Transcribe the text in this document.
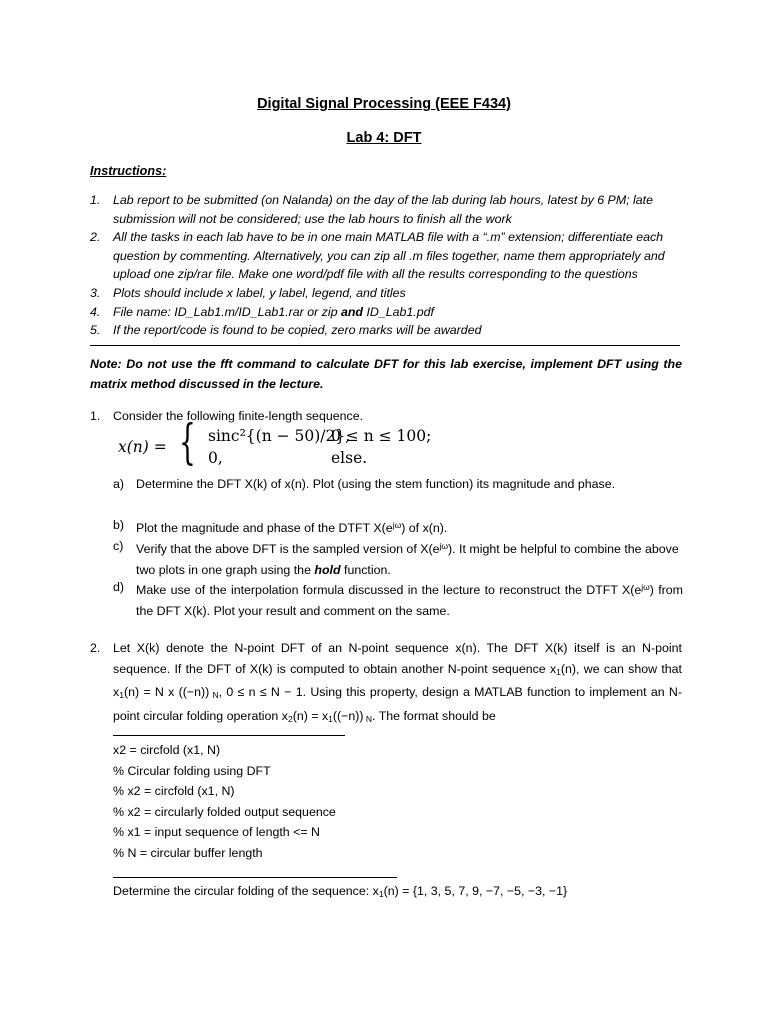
Digital Signal Processing (EEE F434)
Lab 4: DFT
Instructions:
1. Lab report to be submitted (on Nalanda) on the day of the lab during lab hours, latest by 6 PM; late submission will not be considered; use the lab hours to finish all the work
2. All the tasks in each lab have to be in one main MATLAB file with a “.m” extension; differentiate each question by commenting. Alternatively, you can zip all .m files together, name them appropriately and upload one zip/rar file. Make one word/pdf file with all the results corresponding to the questions
3. Plots should include x label, y label, legend, and titles
4. File name: ID_Lab1.m/ID_Lab1.rar or zip and ID_Lab1.pdf
5. If the report/code is found to be copied, zero marks will be awarded
Note: Do not use the fft command to calculate DFT for this lab exercise, implement DFT using the matrix method discussed in the lecture.
1.	Consider the following finite-length sequence.
x(n) = { sinc²{(n − 50)/2},
0 ≤ n ≤ 100;
0,	else.
a) Determine the DFT X(k) of x(n). Plot (using the stem function) its magnitude and phase.
b) Plot the magnitude and phase of the DTFT $X(e^{j\omega})$ of x(n).
c)	Verify that the above DFT is the sampled version of $X(e^{j\omega})$. It might be helpful to combine the above two plots in one graph using the hold function.
d) Make use of the interpolation formula discussed in the lecture to reconstruct the DTFT $X(e^{j\omega})$ from the DFT X(k). Plot your result and comment on the same.
2.	Let X(k) denote the N-point DFT of an N-point sequence x(n). The DFT X(k) itself is an N-point sequence. If the DFT of X(k) is computed to obtain another N-point sequence $x_1(n)$, we can show that $x_1(n) = N$ x ((−n)) $_N$, 0 ≤ n ≤ N − 1. Using this property, design a MATLAB function to implement an N-point circular folding operation $x_2(n) = x_1((-n))$ $_N$. The format should be
x2 = circfold (x1, N)
% Circular folding using DFT
% x2 = circfold (x1, N)
% x2 = circularly folded output sequence
% x1 = input sequence of length <= N
% N = circular buffer length
Determine the circular folding of the sequence: $x_1(n) = \{1$, 3, 5, 7, 9, −7, −5, −3, −1}
